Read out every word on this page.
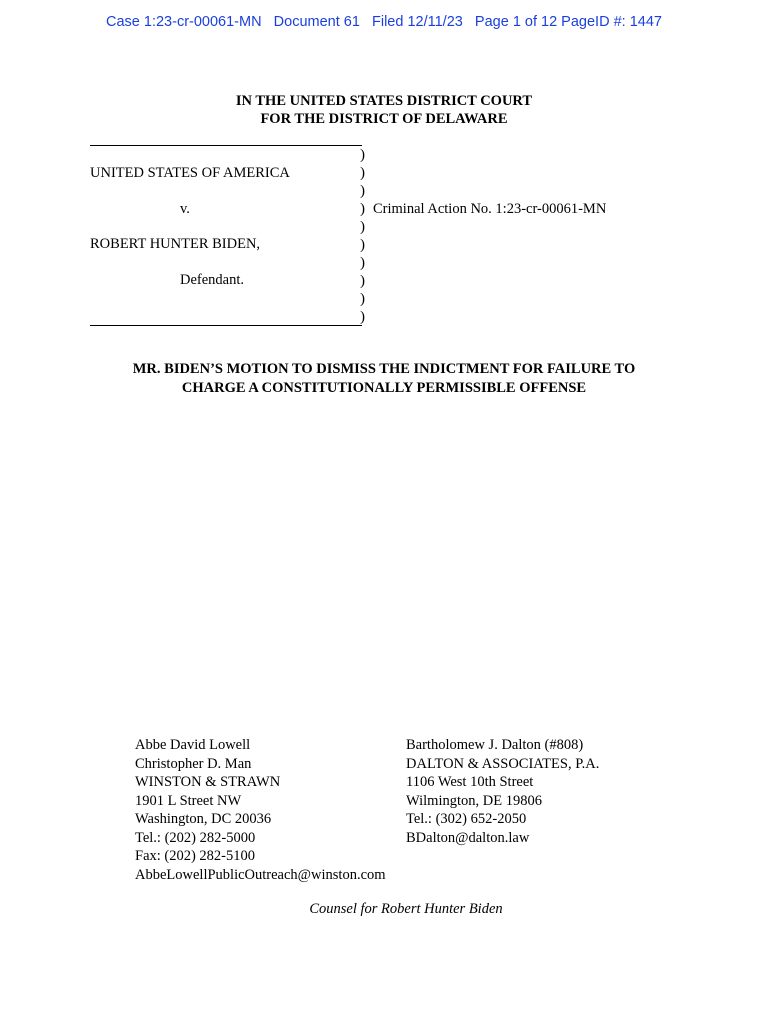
Case 1:23-cr-00061-MN Document 61 Filed 12/11/23 Page 1 of 12 PageID #: 1447
IN THE UNITED STATES DISTRICT COURT
FOR THE DISTRICT OF DELAWARE
)
)
)
)
)
)
)
)
)
)
UNITED STATES OF AMERICA
v.	Criminal Action No. 1:23-cr-00061-MN
ROBERT HUNTER BIDEN,
Defendant.
MR. BIDEN’S MOTION TO DISMISS THE INDICTMENT FOR FAILURE TO
CHARGE A CONSTITUTIONALLY PERMISSIBLE OFFENSE
Abbe David Lowell
Christopher D. Man
WINSTON & STRAWN
1901 L Street NW
Washington, DC 20036
Tel.: (202) 282-5000
Fax: (202) 282-5100
AbbeLowellPublicOutreach@winston.com
Bartholomew J. Dalton (#808)
DALTON & ASSOCIATES, P.A.
1106 West 10th Street
Wilmington, DE 19806
Tel.: (302) 652-2050
BDalton@dalton.law
Counsel for Robert Hunter Biden
